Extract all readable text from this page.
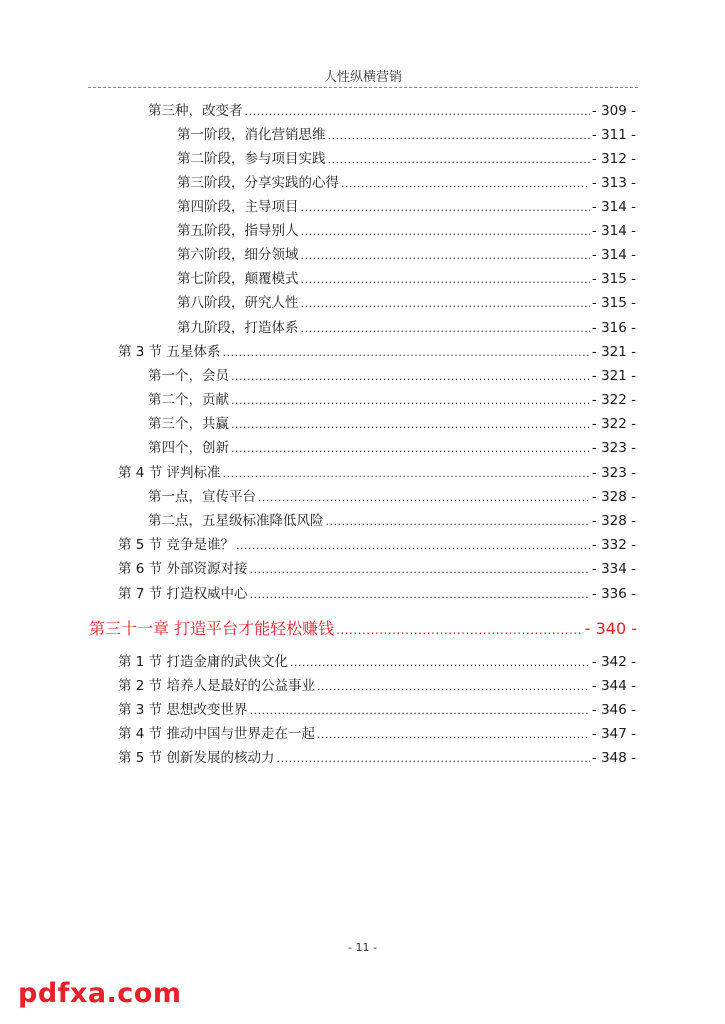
人性纵横营销
第三种，改变者 .....	- 309 -
第一阶段，消化营销思维 .....	- 311 -
第二阶段，参与项目实践 .....	- 312 -
第三阶段，分享实践的心得 .....	- 313 -
第四阶段，主导项目 .....	- 314 -
第五阶段，指导别人 .....	- 314 -
第六阶段，细分领域 .....	- 314 -
第七阶段，颠覆模式 .....	- 315 -
第八阶段，研究人性 .....	- 315 -
第九阶段，打造体系 .....	- 316 -
第 3 节 五星体系 .....	- 321 -
第一个，会员 .....	- 321 -
第二个，贡献 .....	- 322 -
第三个，共赢 .....	- 322 -
第四个，创新 .....	- 323 -
第 4 节 评判标准 .....	- 323 -
第一点，宣传平台 .....	- 328 -
第二点，五星级标准降低风险 .....	- 328 -
第 5 节 竞争是谁？ .....	- 332 -
第 6 节 外部资源对接 .....	- 334 -
第 7 节 打造权威中心 .....	- 336 -
第三十一章 打造平台才能轻松赚钱 .....	- 340 -
第 1 节 打造金庸的武侠文化 .....	- 342 -
第 2 节 培养人是最好的公益事业 .....	- 344 -
第 3 节 思想改变世界 .....	- 346 -
第 4 节 推动中国与世界走在一起 .....	- 347 -
第 5 节 创新发展的核动力 .....	- 348 -
- 11 -
pdfxa.com
